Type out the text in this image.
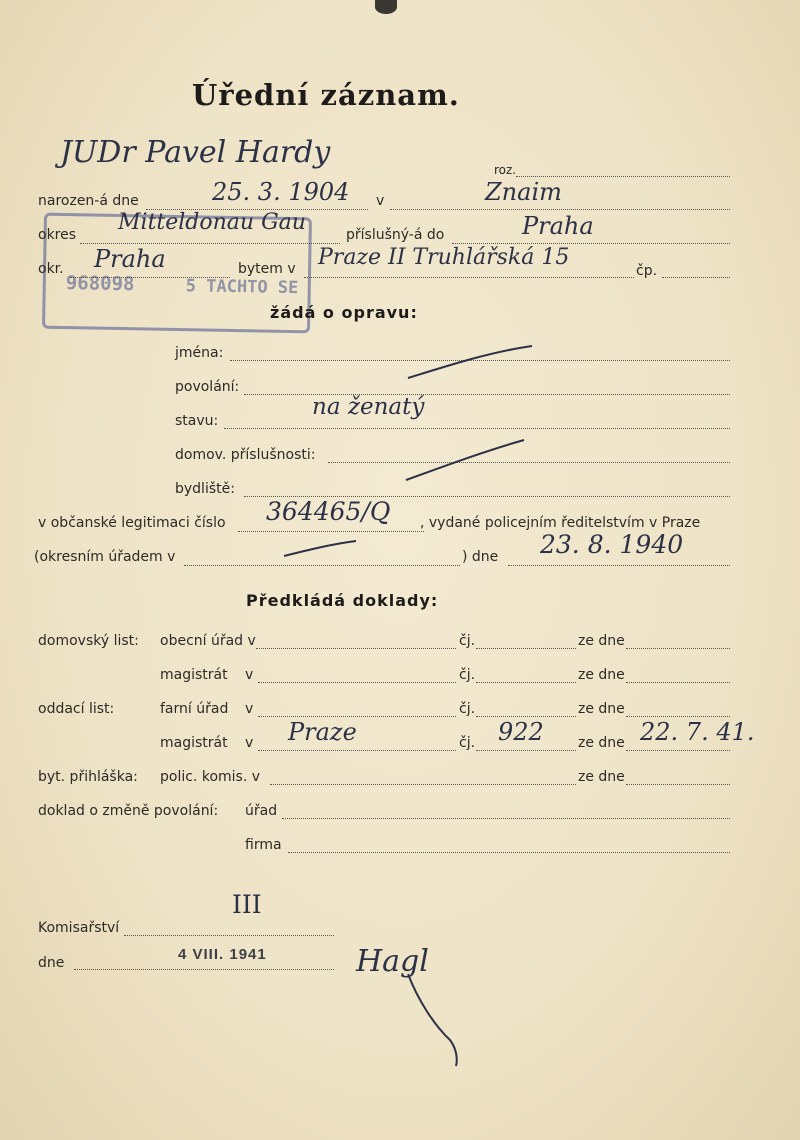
Úřední záznam.
JUDr Pavel Hardy	roz.
narozen-á dne	25. 3. 1904 v	Znaim
968098	5 TACHTO SE
okres Mitteldonau Gau	příslušný-á do	Praha
okr. Praha	bytem v Praze II Truhlářská 15
čp.
žádá o opravu:
jména:
povolání:
stavu:
na ženatý
domov. příslušnosti:
bydliště:
v občanské legitimaci číslo 364465/Q , vydané policejním ředitelstvím v Praze
(okresním úřadem v	) dne 23. 8. 1940
Předkládá doklady:
domovský list: obecní úřad v	čj.	ze dne
magistrát v	čj.	ze dne
oddací list:	farní úřad v	čj.	ze dne
magistrát v Praze	čj. 922 ze dne 22. 7. 41.
byt. přihláška: polic. komis. v	ze dne
doklad o změně povolání: úřad
firma
III
Komisařství
dne	4 VIII. 1941	Hagl
